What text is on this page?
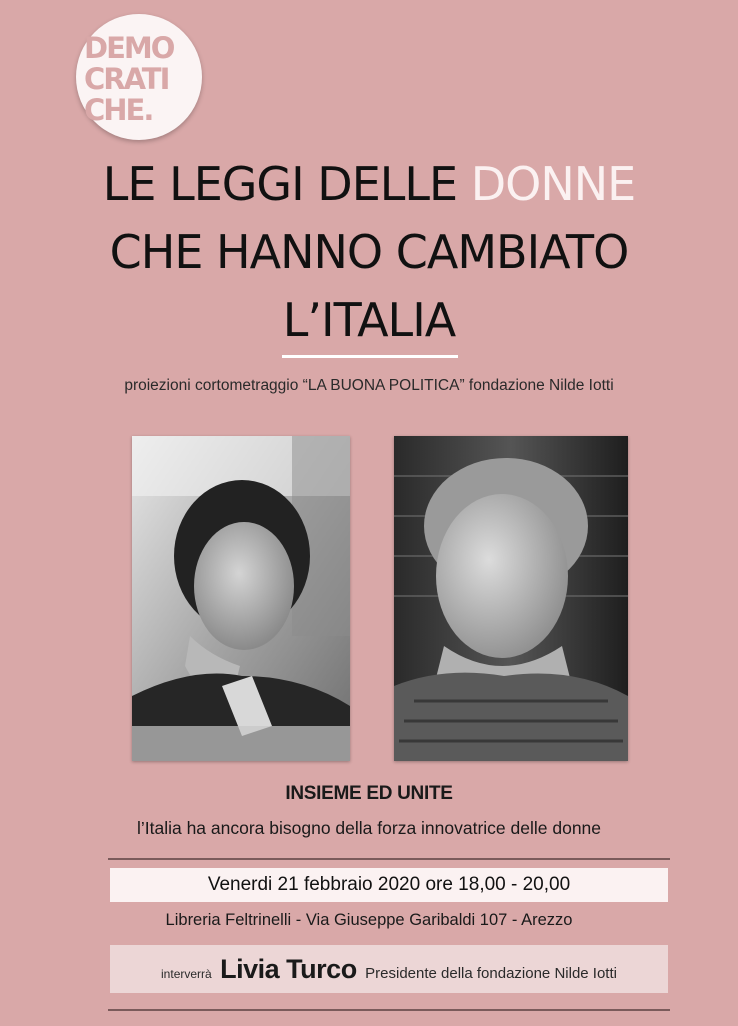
DEMO
CRATI
CHE.
LE LEGGI DELLE DONNE
CHE HANNO CAMBIATO
L’ITALIA
proiezioni cortometraggio “LA BUONA POLITICA” fondazione Nilde Iotti
INSIEME ED UNITE
l’Italia ha ancora bisogno della forza innovatrice delle donne
Venerdi 21 febbraio 2020 ore 18,00 - 20,00
Libreria Feltrinelli - Via Giuseppe Garibaldi 107 - Arezzo
interverrà Livia Turco Presidente della fondazione Nilde Iotti
